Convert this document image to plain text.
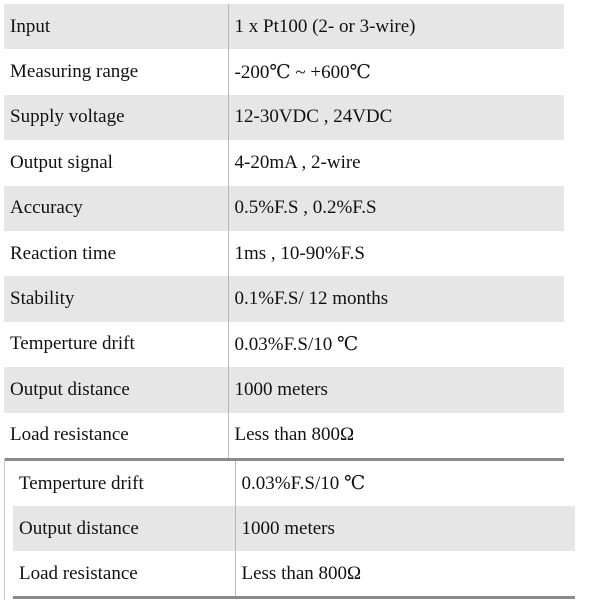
Input	1 x Pt100 (2- or 3-wire)
Measuring range	-200℃ ~ +600℃
Supply voltage	12-30VDC , 24VDC
Output signal	4-20mA , 2-wire
Accuracy	0.5%F.S , 0.2%F.S
Reaction time	1ms , 10-90%F.S
Stability	0.1%F.S/ 12 months
Temperture drift	0.03%F.S/10 ℃
Output distance	1000 meters
Load resistance	Less than 800Ω
Temperture drift	0.03%F.S/10 ℃
Output distance	1000 meters
Load resistance	Less than 800Ω
